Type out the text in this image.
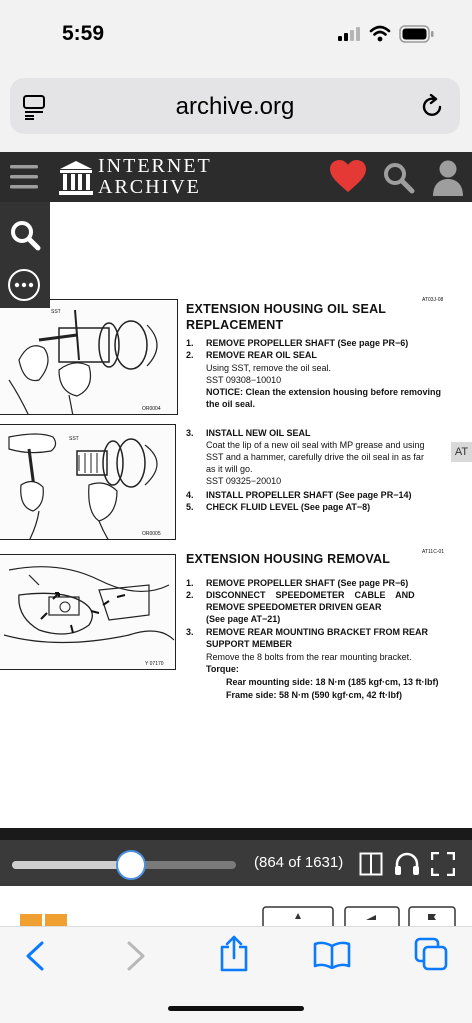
5:59
archive.org
INTERNET
ARCHIVE
SST
OR0004
SST
OR0005
Y 07170
EXTENSION HOUSING OIL SEAL
AT03J-08
REPLACEMENT
1. REMOVE PROPELLER SHAFT (See page PR−6)
2. REMOVE REAR OIL SEAL
Using SST, remove the oil seal.
SST 09308−10010
NOTICE: Clean the extension housing before removing
the oil seal.
3. INSTALL NEW OIL SEAL
Coat the lip of a new oil seal with MP grease and using
SST and a hammer, carefully drive the oil seal in as far
as it will go.
SST 09325−20010
4. INSTALL PROPELLER SHAFT (See page PR−14)
5. CHECK FLUID LEVEL (See page AT−8)
EXTENSION HOUSING REMOVAL	AT11C-01
1. REMOVE PROPELLER SHAFT (See page PR−6)
2. DISCONNECT    SPEEDOMETER    CABLE    AND
REMOVE SPEEDOMETER DRIVEN GEAR
(See page AT−21)
3. REMOVE REAR MOUNTING BRACKET FROM REAR
SUPPORT MEMBER
Remove the 8 bolts from the rear mounting bracket.
Torque:
Rear mounting side: 18 N·m (185 kgf·cm, 13 ft·lbf)
Frame side: 58 N·m (590 kgf·cm, 42 ft·lbf)
AT
(864 of 1631)
